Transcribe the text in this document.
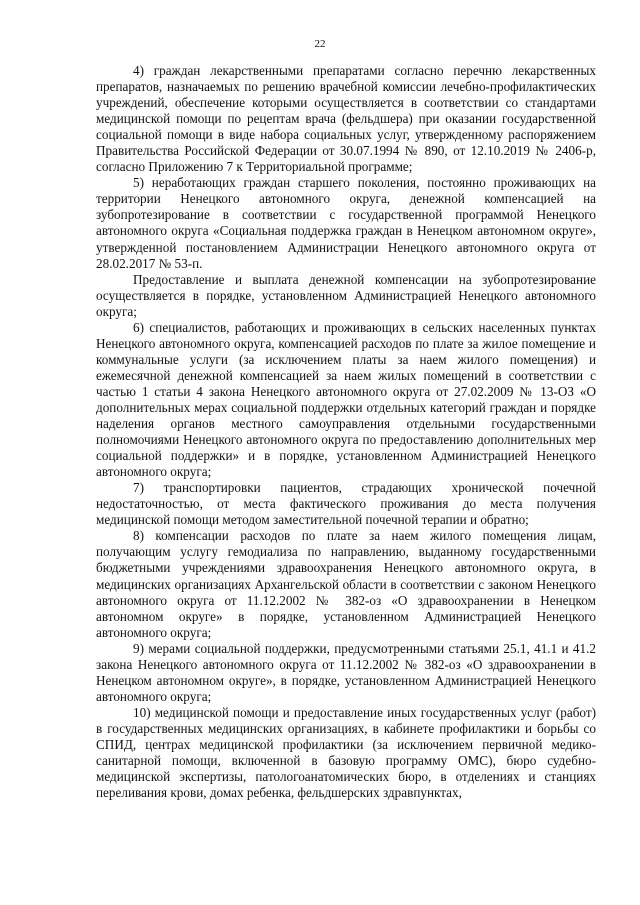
22

4) граждан лекарственными препаратами согласно перечню лекарственных препаратов, назначаемых по решению врачебной комиссии лечебно-профилактических учреждений, обеспечение которыми осуществляется в соответствии со стандартами медицинской помощи по рецептам врача (фельдшера) при оказании государственной социальной помощи в виде набора социальных услуг, утвержденному распоряжением Правительства Российской Федерации от 30.07.1994 № 890, от 12.10.2019 № 2406-р, согласно Приложению 7 к Территориальной программе;

5) неработающих граждан старшего поколения, постоянно проживающих на территории Ненецкого автономного округа, денежной компенсацией на зубопротезирование в соответствии с государственной программой Ненецкого автономного округа «Социальная поддержка граждан в Ненецком автономном округе», утвержденной постановлением Администрации Ненецкого автономного округа от 28.02.2017 № 53-п.

Предоставление и выплата денежной компенсации на зубопротезирование осуществляется в порядке, установленном Администрацией Ненецкого автономного округа;

6) специалистов, работающих и проживающих в сельских населенных пунктах Ненецкого автономного округа, компенсацией расходов по плате за жилое помещение и коммунальные услуги (за исключением платы за наем жилого помещения) и ежемесячной денежной компенсацией за наем жилых помещений в соответствии с частью 1 статьи 4 закона Ненецкого автономного округа от 27.02.2009 № 13-ОЗ «О дополнительных мерах социальной поддержки отдельных категорий граждан и порядке наделения органов местного самоуправления отдельными государственными полномочиями Ненецкого автономного округа по предоставлению дополнительных мер социальной поддержки» и в порядке, установленном Администрацией Ненецкого автономного округа;

7) транспортировки пациентов, страдающих хронической почечной недостаточностью, от места фактического проживания до места получения медицинской помощи методом заместительной почечной терапии и обратно;

8) компенсации расходов по плате за наем жилого помещения лицам, получающим услугу гемодиализа по направлению, выданному государственными бюджетными учреждениями здравоохранения Ненецкого автономного округа, в медицинских организациях Архангельской области в соответствии с законом Ненецкого автономного округа от 11.12.2002 № 382-оз «О здравоохранении в Ненецком автономном округе» в порядке, установленном Администрацией Ненецкого автономного округа;

9) мерами социальной поддержки, предусмотренными статьями 25.1, 41.1 и 41.2 закона Ненецкого автономного округа от 11.12.2002 № 382-оз «О здравоохранении в Ненецком автономном округе», в порядке, установленном Администрацией Ненецкого автономного округа;

10) медицинской помощи и предоставление иных государственных услуг (работ) в государственных медицинских организациях, в кабинете профилактики и борьбы со СПИД, центрах медицинской профилактики (за исключением первичной медико-санитарной помощи, включенной в базовую программу ОМС), бюро судебно-медицинской экспертизы, патологоанатомических бюро, в отделениях и станциях переливания крови, домах ребенка, фельдшерских здравпунктах,
